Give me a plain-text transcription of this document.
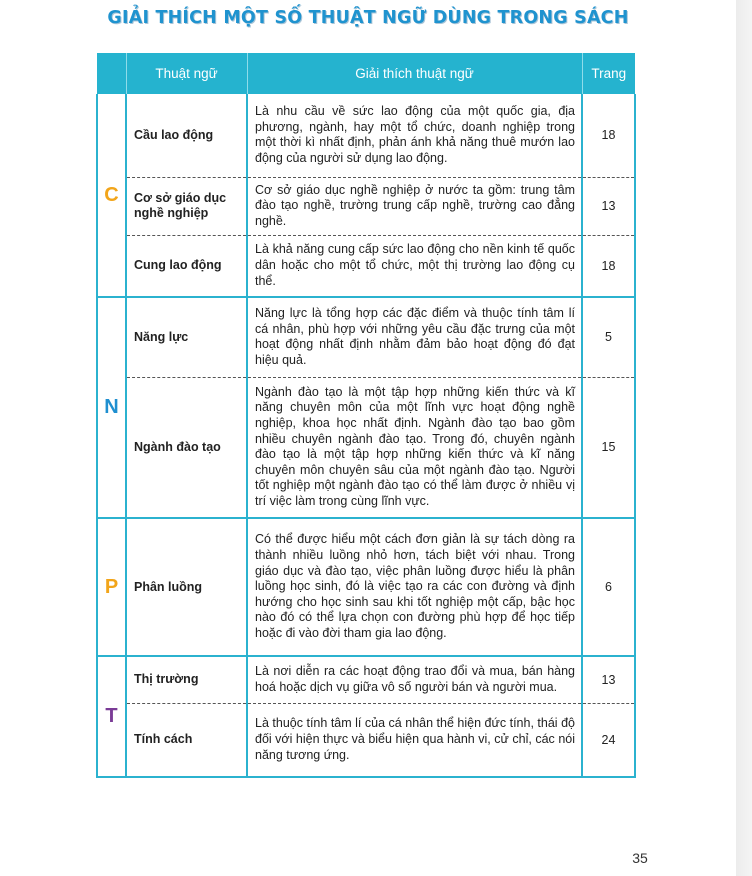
GIẢI THÍCH MỘT SỐ THUẬT NGỮ DÙNG TRONG SÁCH
	Thuật ngữ	Giải thích thuật ngữ	Trang
C	Cầu lao động	Là nhu cầu về sức lao động của một quốc gia, địa phương, ngành, hay một tổ chức, doanh nghiệp trong một thời kì nhất định, phản ánh khả năng thuê mướn lao động của người sử dụng lao động.	18
	Cơ sở giáo dục nghề nghiệp	Cơ sở giáo dục nghề nghiệp ở nước ta gồm: trung tâm đào tạo nghề, trường trung cấp nghề, trường cao đẳng nghề.	13
	Cung lao động	Là khả năng cung cấp sức lao động cho nền kinh tế quốc dân hoặc cho một tổ chức, một thị trường lao động cụ thể.	18
N	Năng lực	Năng lực là tổng hợp các đặc điểm và thuộc tính tâm lí cá nhân, phù hợp với những yêu cầu đặc trưng của một hoạt động nhất định nhằm đảm bảo hoạt động đó đạt hiệu quả.	5
	Ngành đào tạo	Ngành đào tạo là một tập hợp những kiến thức và kĩ năng chuyên môn của một lĩnh vực hoạt động nghề nghiệp, khoa học nhất định. Ngành đào tạo bao gồm nhiều chuyên ngành đào tạo. Trong đó, chuyên ngành đào tạo là một tập hợp những kiến thức và kĩ năng chuyên môn chuyên sâu của một ngành đào tạo. Người tốt nghiệp một ngành đào tạo có thể làm được ở nhiều vị trí việc làm trong cùng lĩnh vực.	15
P	Phân luồng	Có thể được hiểu một cách đơn giản là sự tách dòng ra thành nhiều luồng nhỏ hơn, tách biệt với nhau. Trong giáo dục và đào tạo, việc phân luồng được hiểu là phân luồng học sinh, đó là việc tạo ra các con đường và định hướng cho học sinh sau khi tốt nghiệp một cấp, bậc học nào đó có thể lựa chọn con đường phù hợp để học tiếp hoặc đi vào đời tham gia lao động.	6
T	Thị trường	Là nơi diễn ra các hoạt động trao đổi và mua, bán hàng hoá hoặc dịch vụ giữa vô số người bán và người mua.	13
	Tính cách	Là thuộc tính tâm lí của cá nhân thể hiện đức tính, thái độ đối với hiện thực và biểu hiện qua hành vi, cử chỉ, các nói năng tương ứng.	24
35
